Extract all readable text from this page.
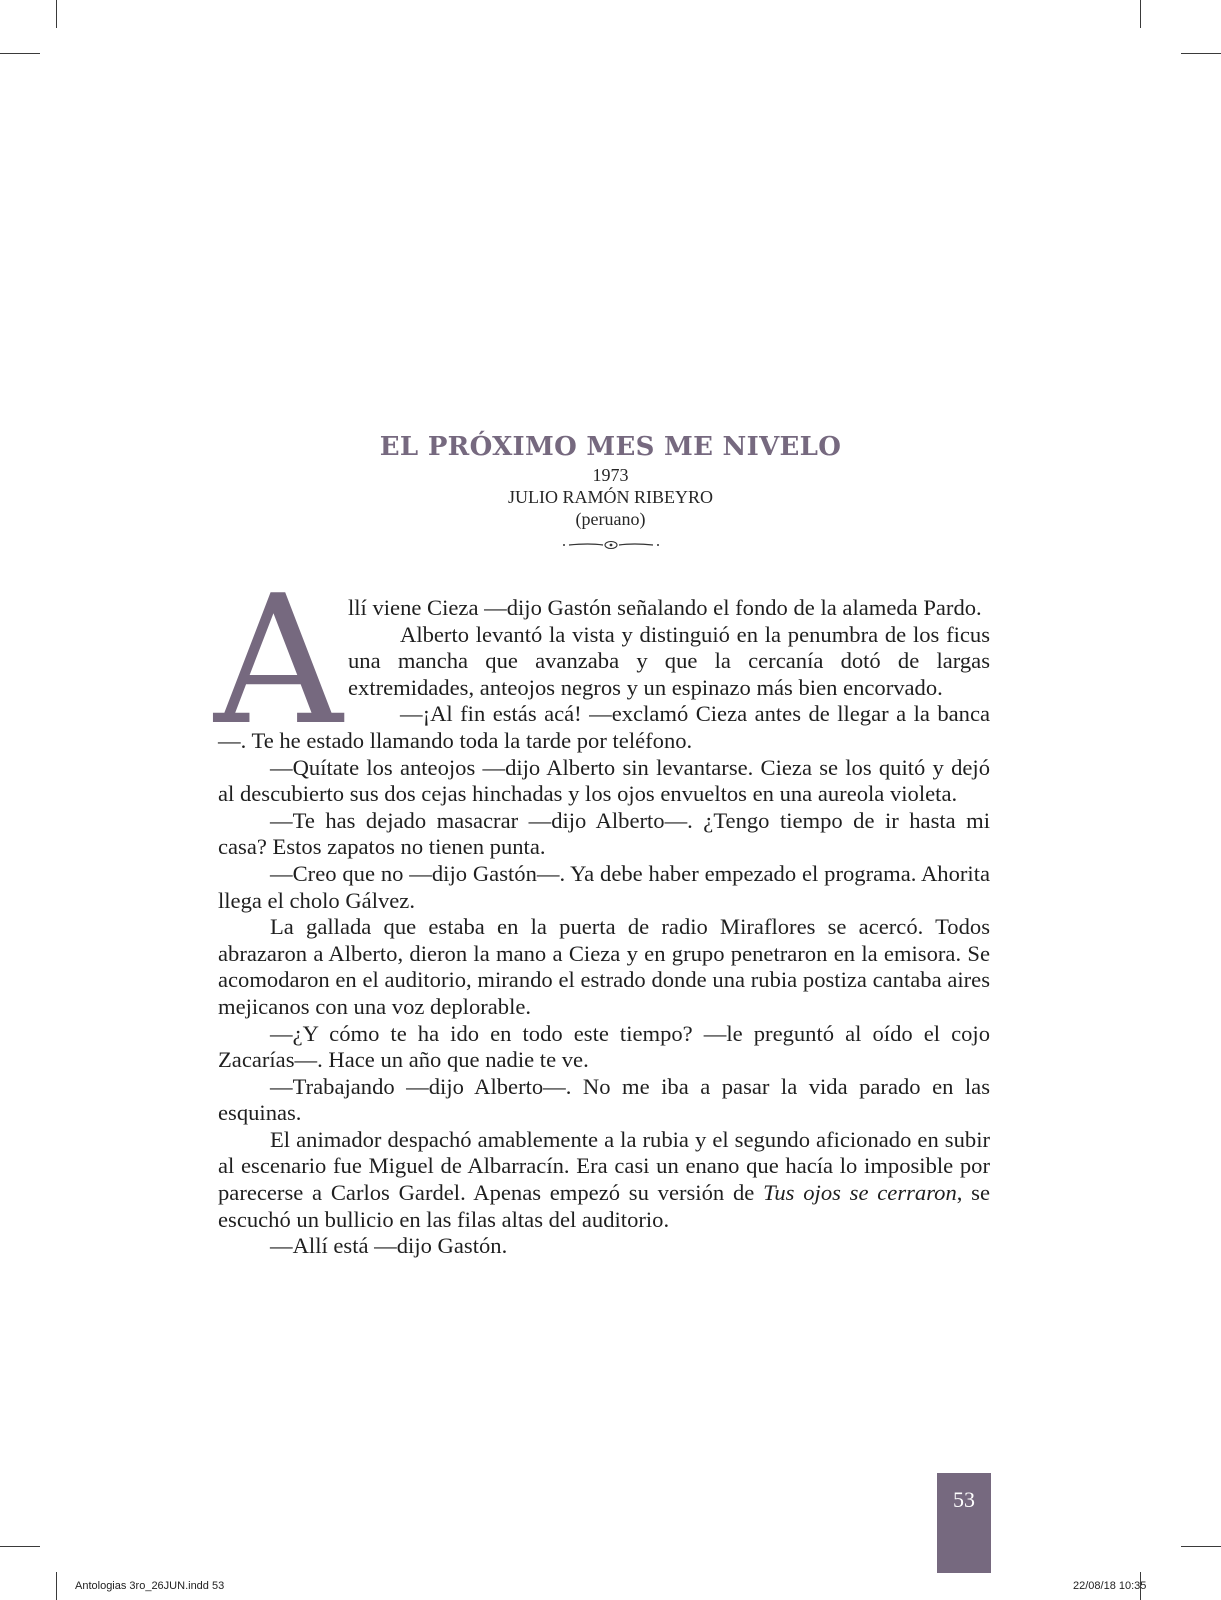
EL PRÓXIMO MES ME NIVELO
1973
JULIO RAMÓN RIBEYRO
(peruano)
A llí viene Cieza —dijo Gastón señalando el fondo de la alameda Pardo.

Alberto levantó la vista y distinguió en la penumbra de los ficus una mancha que avanzaba y que la cercanía dotó de largas extremidades, anteojos negros y un espinazo más bien encorvado.

—¡Al fin estás acá! —exclamó Cieza antes de llegar a la banca—. Te he estado llamando toda la tarde por teléfono.

—Quítate los anteojos —dijo Alberto sin levantarse. Cieza se los quitó y dejó al descubierto sus dos cejas hinchadas y los ojos envueltos en una aureola violeta.

—Te has dejado masacrar —dijo Alberto—. ¿Tengo tiempo de ir hasta mi casa? Estos zapatos no tienen punta.

—Creo que no —dijo Gastón—. Ya debe haber empezado el programa. Ahorita llega el cholo Gálvez.

La gallada que estaba en la puerta de radio Miraflores se acercó. Todos abrazaron a Alberto, dieron la mano a Cieza y en grupo penetraron en la emisora. Se acomodaron en el auditorio, mirando el estrado donde una rubia postiza cantaba aires mejicanos con una voz deplorable.

—¿Y cómo te ha ido en todo este tiempo? —le preguntó al oído el cojo Zacarías—. Hace un año que nadie te ve.

—Trabajando —dijo Alberto—. No me iba a pasar la vida parado en las esquinas.

El animador despachó amablemente a la rubia y el segundo aficionado en subir al escenario fue Miguel de Albarracín. Era casi un enano que hacía lo imposible por parecerse a Carlos Gardel. Apenas empezó su versión de Tus ojos se cerraron, se escuchó un bullicio en las filas altas del auditorio.

—Allí está —dijo Gastón.

53
Antologias 3ro_26JUN.indd 53	22/08/18 10:35
